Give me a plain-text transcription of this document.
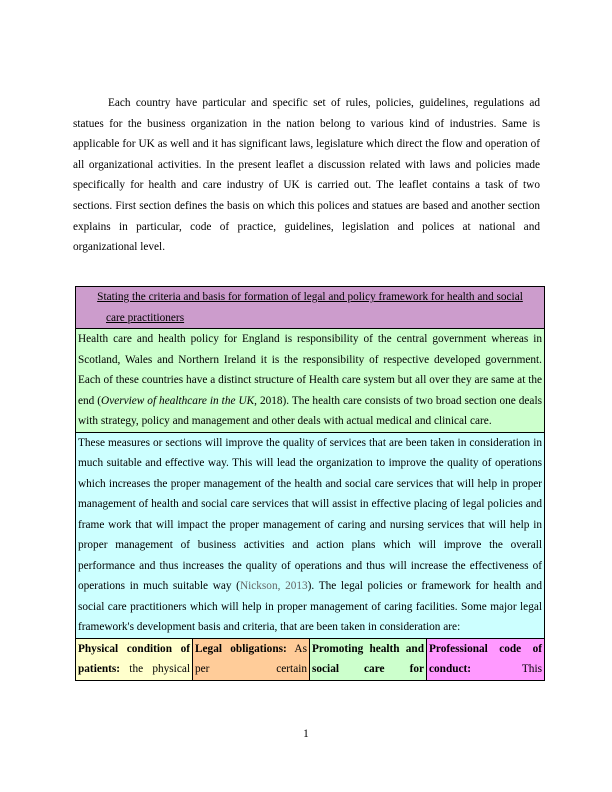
Each country have particular and specific set of rules, policies, guidelines, regulations ad statues for the business organization in the nation belong to various kind of industries. Same is applicable for UK as well and it has significant laws, legislature which direct the flow and operation of all organizational activities. In the present leaflet a discussion related with laws and policies made specifically for health and care industry of UK is carried out. The leaflet contains a task of two sections. First section defines the basis on which this polices and statues are based and another section explains in particular, code of practice, guidelines, legislation and polices at national and organizational level.

Stating the criteria and basis for formation of legal and policy framework for health and social
care practitioners

Health care and health policy for England is responsibility of the central government whereas in Scotland, Wales and Northern Ireland it is the responsibility of respective developed government. Each of these countries have a distinct structure of Health care system but all over they are same at the end (Overview of healthcare in the UK, 2018). The health care consists of two broad section one deals with strategy, policy and management and other deals with actual medical and clinical care.
These measures or sections will improve the quality of services that are been taken in consideration in much suitable and effective way. This will lead the organization to improve the quality of operations which increases the proper management of the health and social care services that will help in proper management of health and social care services that will assist in effective placing of legal policies and frame work that will impact the proper management of caring and nursing services that will help in proper management of business activities and action plans which will improve the overall performance and thus increases the quality of operations and thus will increase the effectiveness of operations in much suitable way (Nickson, 2013). The legal policies or framework for health and social care practitioners which will help in proper management of caring facilities. Some major legal framework's development basis and criteria, that are been taken in consideration are:
Physical condition of patients: the physical	Legal obligations: As per certain	Promoting health and social care for	Professional code of conduct: This
1
